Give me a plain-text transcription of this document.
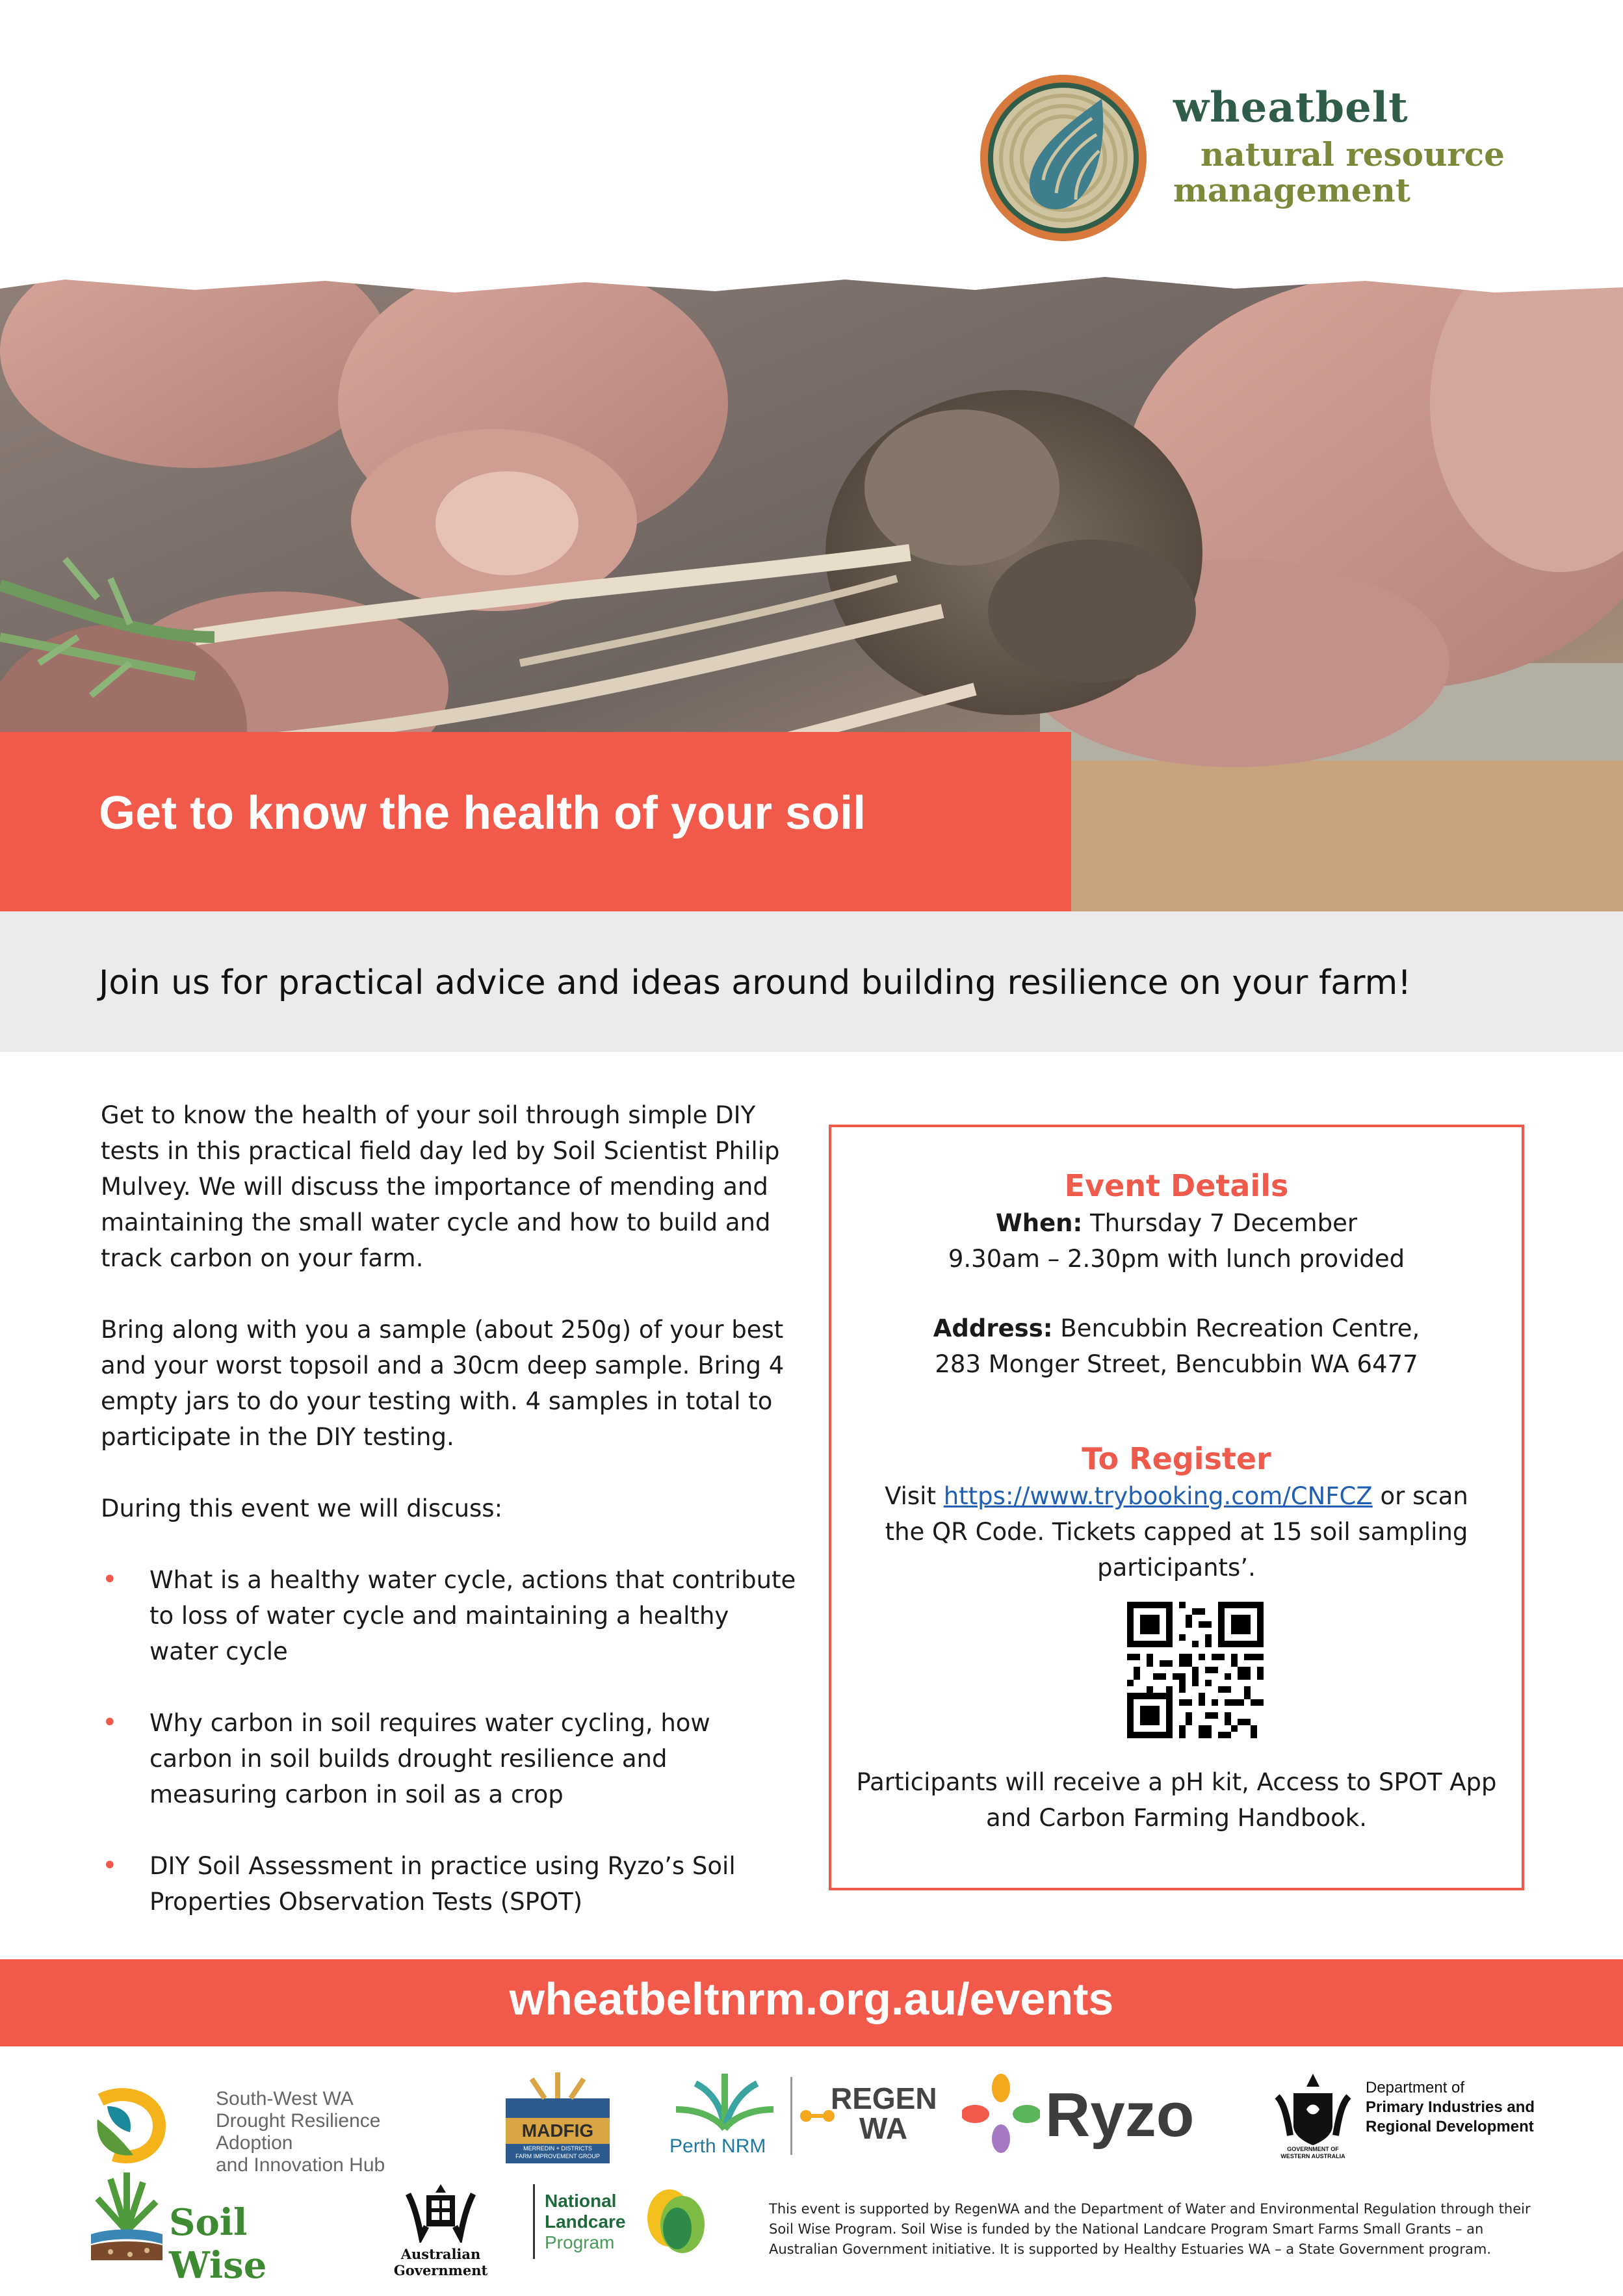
wheatbelt
natural resource
management
Get to know the health of your soil
Join us for practical advice and ideas around building resilience on your farm!

Get to know the health of your soil through simple DIY tests in this practical field day led by Soil Scientist Philip Mulvey. We will discuss the importance of mending and maintaining the small water cycle and how to build and track carbon on your farm.

Bring along with you a sample (about 250g) of your best and your worst topsoil and a 30cm deep sample. Bring 4 empty jars to do your testing with. 4 samples in total to participate in the DIY testing.

During this event we will discuss:

• What is a healthy water cycle, actions that contribute to loss of water cycle and maintaining a healthy water cycle
• Why carbon in soil requires water cycling, how carbon in soil builds drought resilience and measuring carbon in soil as a crop
• DIY Soil Assessment in practice using Ryzo’s Soil Properties Observation Tests (SPOT)
Event Details
When: Thursday 7 December
9.30am – 2.30pm with lunch provided
Address: Bencubbin Recreation Centre,
283 Monger Street, Bencubbin WA 6477
To Register
Visit https://www.trybooking.com/CNFCZ or scan
the QR Code. Tickets capped at 15 soil sampling
participants’.
Participants will receive a pH kit, Access to SPOT App
and Carbon Farming Handbook.
wheatbeltnrm.org.au/events
South-West WA
Drought Resilience Adoption
and Innovation Hub
MADFIG
MERREDIN + DISTRICTS
FARM IMPROVEMENT GROUP	Perth NRM
REGEN
WA	Ryzo	GOVERNMENT OF
WESTERN AUSTRALIA
Department of
Primary Industries and
Regional Development
Soil Wise	Australian Government
National
Landcare
Program
This event is supported by RegenWA and the Department of Water and Environmental Regulation through their Soil Wise Program. Soil Wise is funded by the National Landcare Program Smart Farms Small Grants – an Australian Government initiative. It is supported by Healthy Estuaries WA – a State Government program.
